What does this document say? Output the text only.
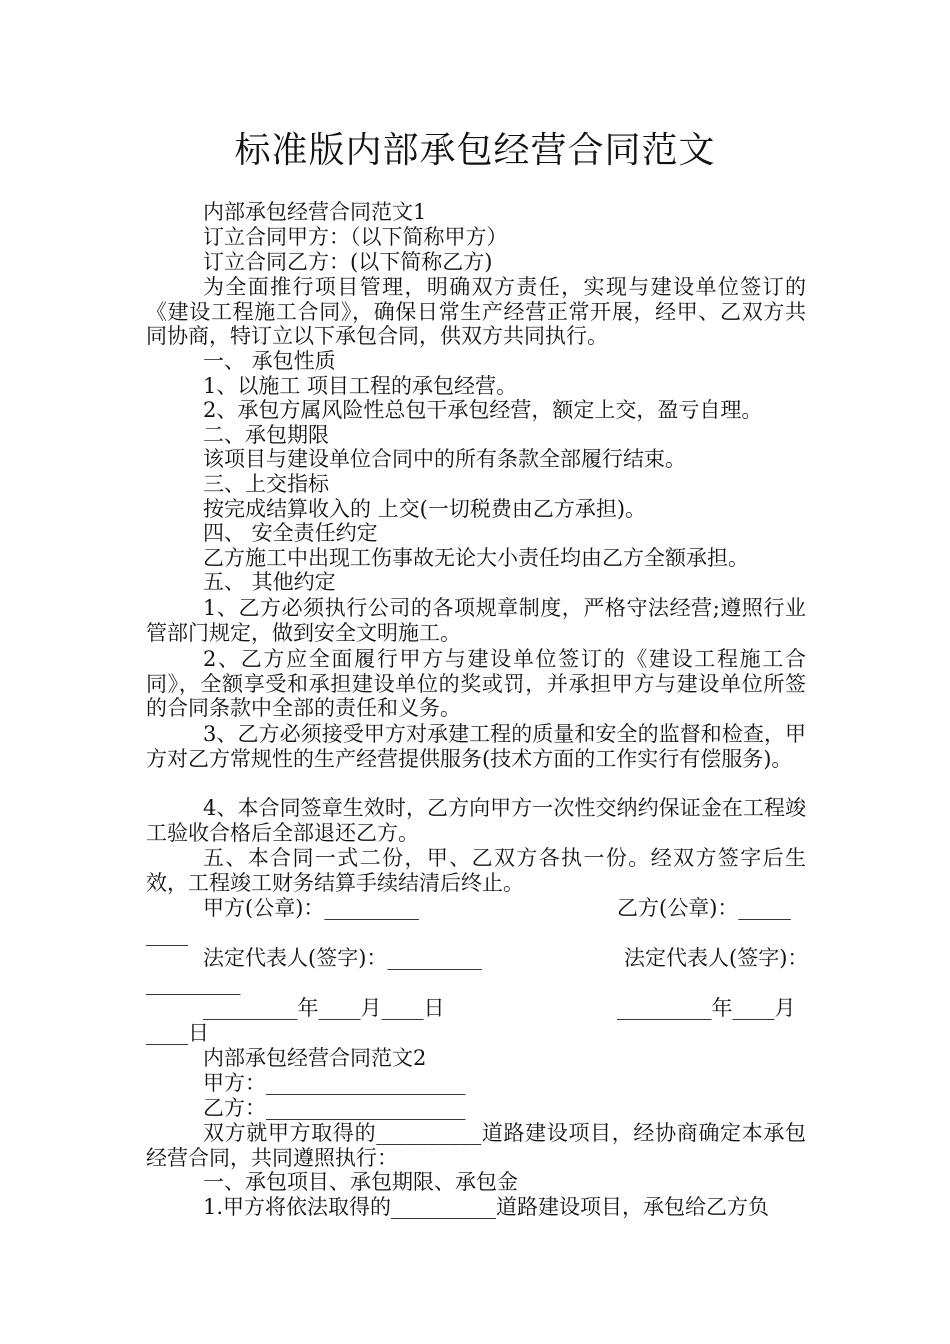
标准版内部承包经营合同范文
内部承包经营合同范文1
订立合同甲方：（以下简称甲方）
订立合同乙方：(以下简称乙方)
为全面推行项目管理，明确双方责任，实现与建设单位签订的《建设工程施工合同》，确保日常生产经营正常开展，经甲、乙双方共同协商，特订立以下承包合同，供双方共同执行。
一、 承包性质
1、以施工 项目工程的承包经营。
2、承包方属风险性总包干承包经营，额定上交，盈亏自理。
二、承包期限
该项目与建设单位合同中的所有条款全部履行结束。
三、上交指标
按完成结算收入的 上交(一切税费由乙方承担)。
四、 安全责任约定
乙方施工中出现工伤事故无论大小责任均由乙方全额承担。
五、 其他约定
1、乙方必须执行公司的各项规章制度，严格守法经营;遵照行业管部门规定，做到安全文明施工。
2、乙方应全面履行甲方与建设单位签订的《建设工程施工合同》，全额享受和承担建设单位的奖或罚，并承担甲方与建设单位所签的合同条款中全部的责任和义务。
3、乙方必须接受甲方对承建工程的质量和安全的监督和检查，甲方对乙方常规性的生产经营提供服务(技术方面的工作实行有偿服务)。
4、本合同签章生效时，乙方向甲方一次性交纳约保证金在工程竣工验收合格后全部退还乙方。
五、本合同一式二份，甲、乙双方各执一份。经双方签字后生效，工程竣工财务结算手续结清后终止。
甲方(公章)：_________	乙方(公章)：_____
____
法定代表人(签字)：_________	法定代表人(签字)：
_________
_________年____月____日	_________年____月
____日
内部承包经营合同范文2
甲方：___________________
乙方：___________________
双方就甲方取得的__________道路建设项目，经协商确定本承包经营合同，共同遵照执行：
一、承包项目、承包期限、承包金
1.甲方将依法取得的__________道路建设项目，承包给乙方负
